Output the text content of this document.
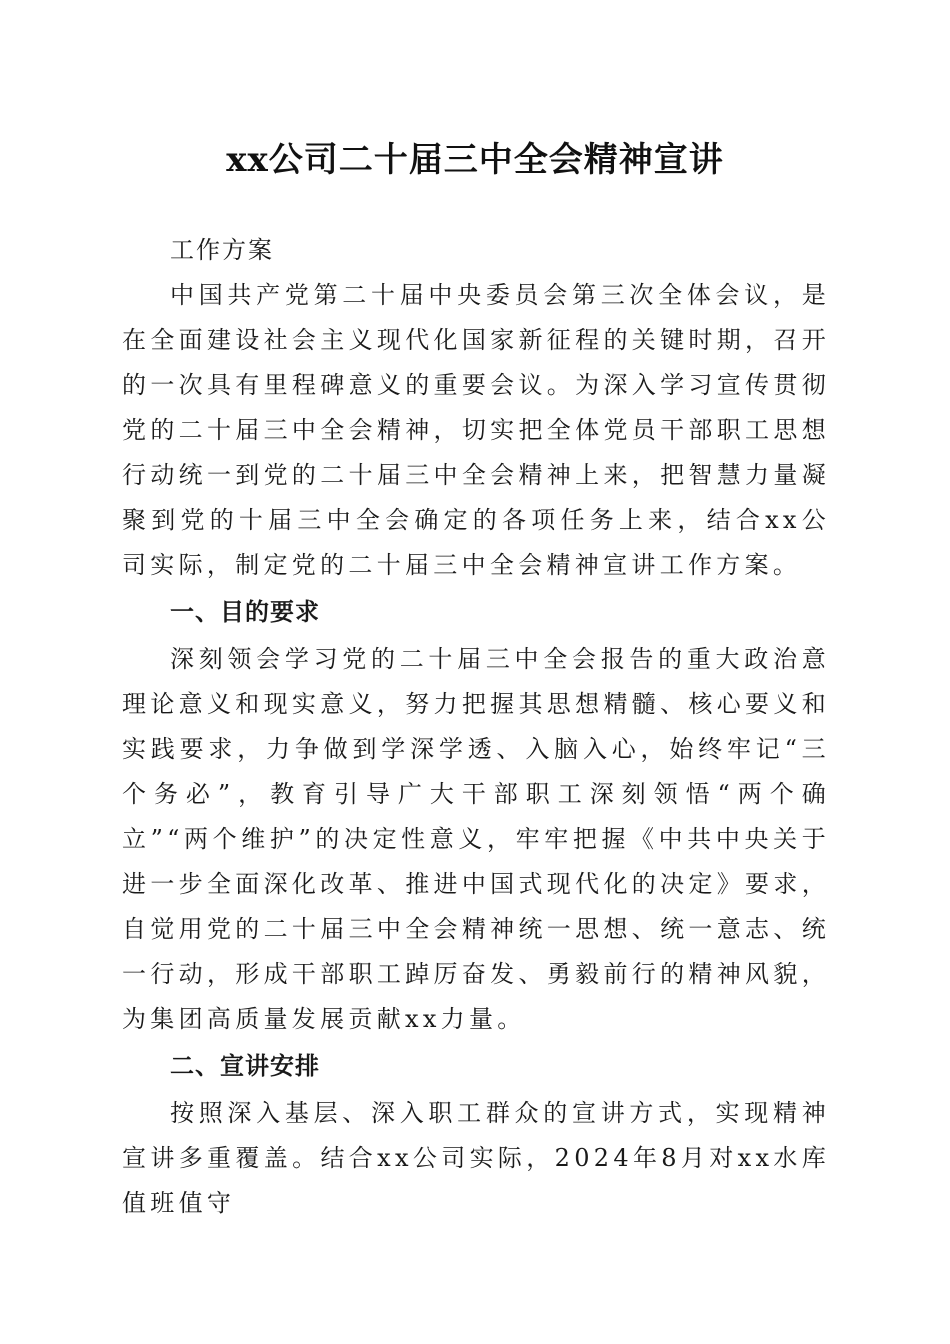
xx公司二十届三中全会精神宣讲

工作方案

中国共产党第二十届中央委员会第三次全体会议，是在全面建设社会主义现代化国家新征程的关键时期，召开的一次具有里程碑意义的重要会议。为深入学习宣传贯彻党的二十届三中全会精神，切实把全体党员干部职工思想行动统一到党的二十届三中全会精神上来，把智慧力量凝聚到党的十届三中全会确定的各项任务上来，结合xx公司实际，制定党的二十届三中全会精神宣讲工作方案。

一、目的要求

深刻领会学习党的二十届三中全会报告的重大政治意理论意义和现实意义，努力把握其思想精髓、核心要义和实践要求，力争做到学深学透、入脑入心，始终牢记“三个务必”，教育引导广大干部职工深刻领悟“两个确立”“两个维护”的决定性意义，牢牢把握《中共中央关于进一步全面深化改革、推进中国式现代化的决定》要求，自觉用党的二十届三中全会精神统一思想、统一意志、统一行动，形成干部职工踔厉奋发、勇毅前行的精神风貌，为集团高质量发展贡献xx力量。

二、宣讲安排

按照深入基层、深入职工群众的宣讲方式，实现精神宣讲多重覆盖。结合xx公司实际，2024年8月对xx水库值班值守
